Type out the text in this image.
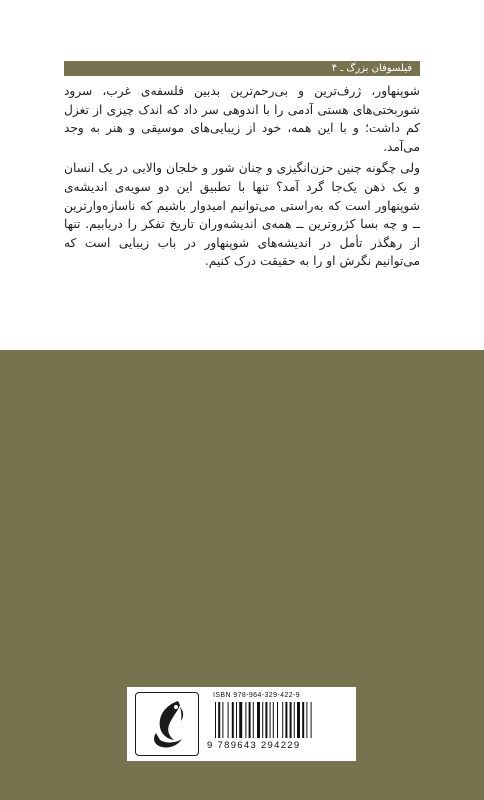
فیلسوفان بزرگ ـ ۴

شوپنهاور، ژرف‌ترین و بی‌رحم‌ترین بدبین فلسفه‌ی غرب، سرود شوربختی‌های هستی آدمی را با اندوهی سر داد که اندک چیزی از تغزل کم داشت؛ و با این همه، خود از زیبایی‌های موسیقی و هنر به وجد می‌آمد.

ولی چگونه چنین حزن‌انگیزی و چنان شور و خلجان والایی در یک انسان و یک ذهن یک‌جا گرد آمد؟ تنها با تطبیق این دو سویه‌ی اندیشه‌ی شوپنهاور است که به‌راستی می‌توانیم امیدوار باشیم که ناسازه‌وارترین ــ و چه بسا کژروترین ــ همه‌ی اندیشه‌وران تاریخ تفکر را دریابیم. تنها از رهگذر تأمل در اندیشه‌های شوپنهاور در باب زیبایی است که می‌توانیم نگرش او را به حقیقت درک کنیم.

ISBN 978-964-329-422-9
9 789643 294229
